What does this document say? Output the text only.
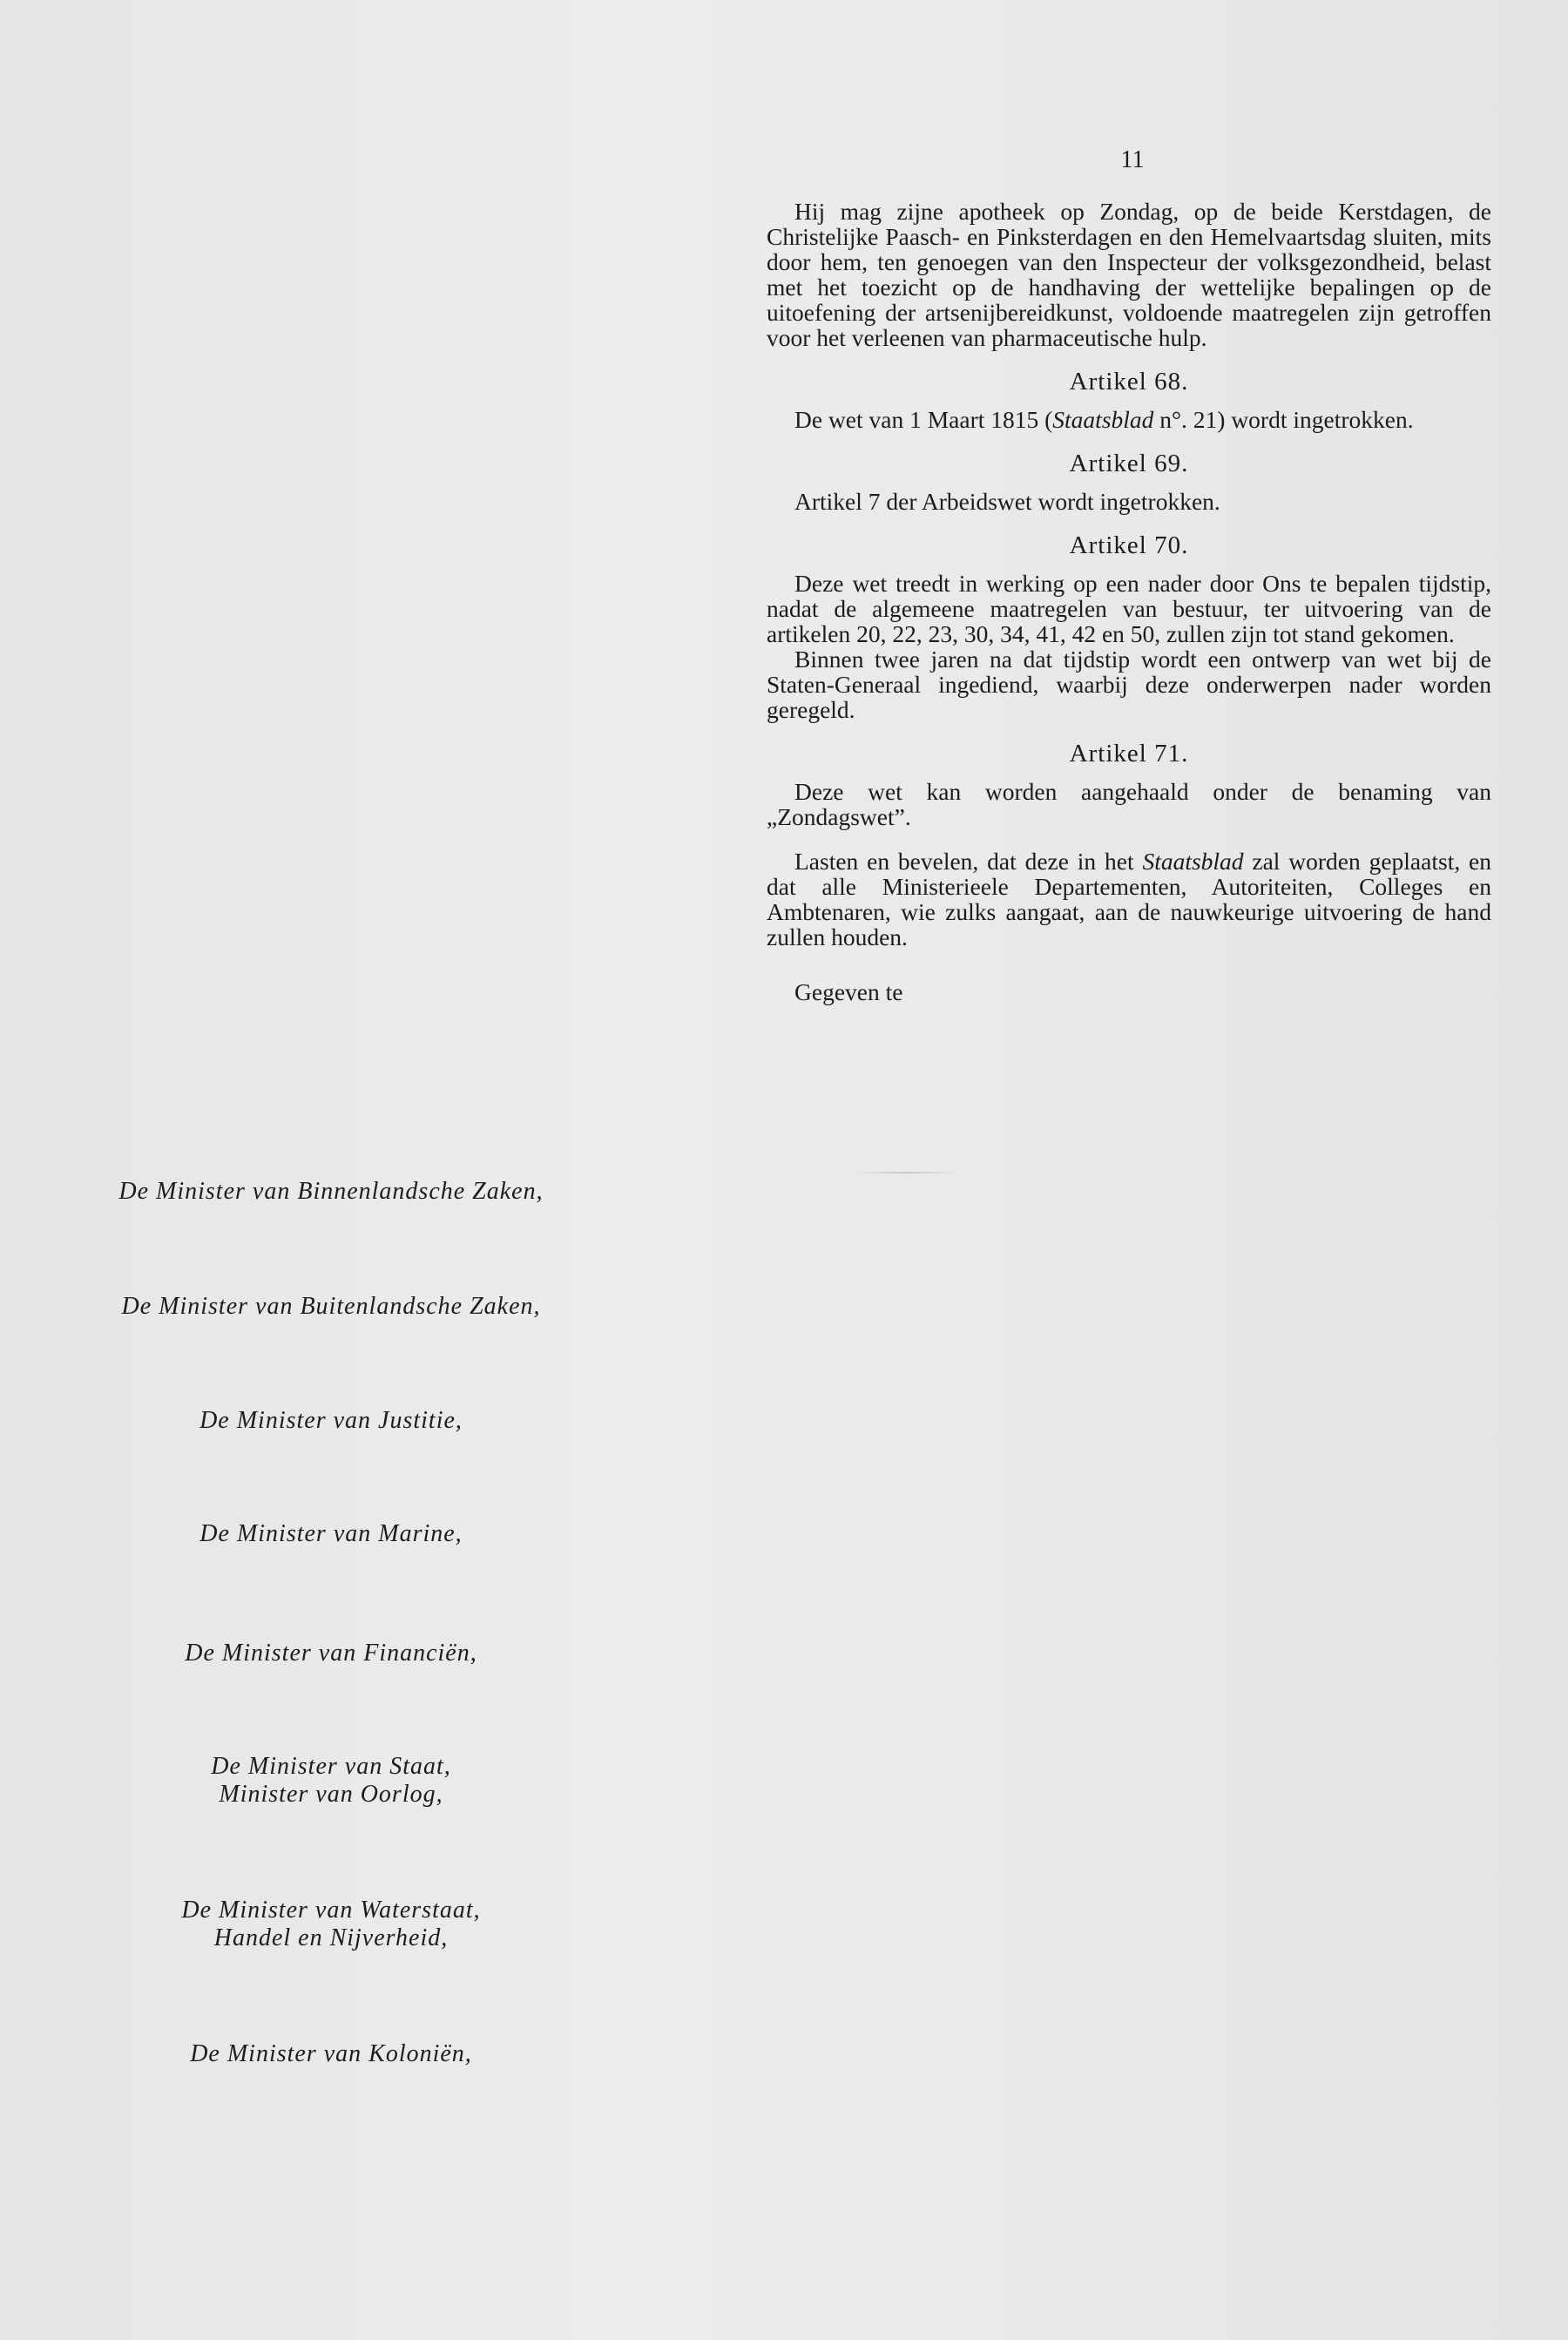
11

Hij mag zijne apotheek op Zondag, op de beide Kerstdagen, de Christelijke Paasch- en Pinksterdagen en den Hemelvaartsdag sluiten, mits door hem, ten genoegen van den Inspecteur der volksgezondheid, belast met het toezicht op de handhaving der wettelijke bepalingen op de uitoefening der artsenijbereidkunst, voldoende maatregelen zijn getroffen voor het verleenen van pharmaceutische hulp.

Artikel 68.

De wet van 1 Maart 1815 (Staatsblad n°. 21) wordt ingetrokken.

Artikel 69.

Artikel 7 der Arbeidswet wordt ingetrokken.

Artikel 70.

Deze wet treedt in werking op een nader door Ons te bepalen tijdstip, nadat de algemeene maatregelen van bestuur, ter uitvoering van de artikelen 20, 22, 23, 30, 34, 41, 42 en 50, zullen zijn tot stand gekomen.

Binnen twee jaren na dat tijdstip wordt een ontwerp van wet bij de Staten-Generaal ingediend, waarbij deze onderwerpen nader worden geregeld.

Artikel 71.

Deze wet kan worden aangehaald onder de benaming van „Zondagswet”.

Lasten en bevelen, dat deze in het Staatsblad zal worden geplaatst, en dat alle Ministerieele Departementen, Autoriteiten, Colleges en Ambtenaren, wie zulks aangaat, aan de nauwkeurige uitvoering de hand zullen houden.

Gegeven te

De Minister van Binnenlandsche Zaken,
De Minister van Buitenlandsche Zaken,
De Minister van Justitie,
De Minister van Marine,
De Minister van Financiën,
De Minister van Staat,
Minister van Oorlog,
De Minister van Waterstaat,
Handel en Nijverheid,
De Minister van Koloniën,
